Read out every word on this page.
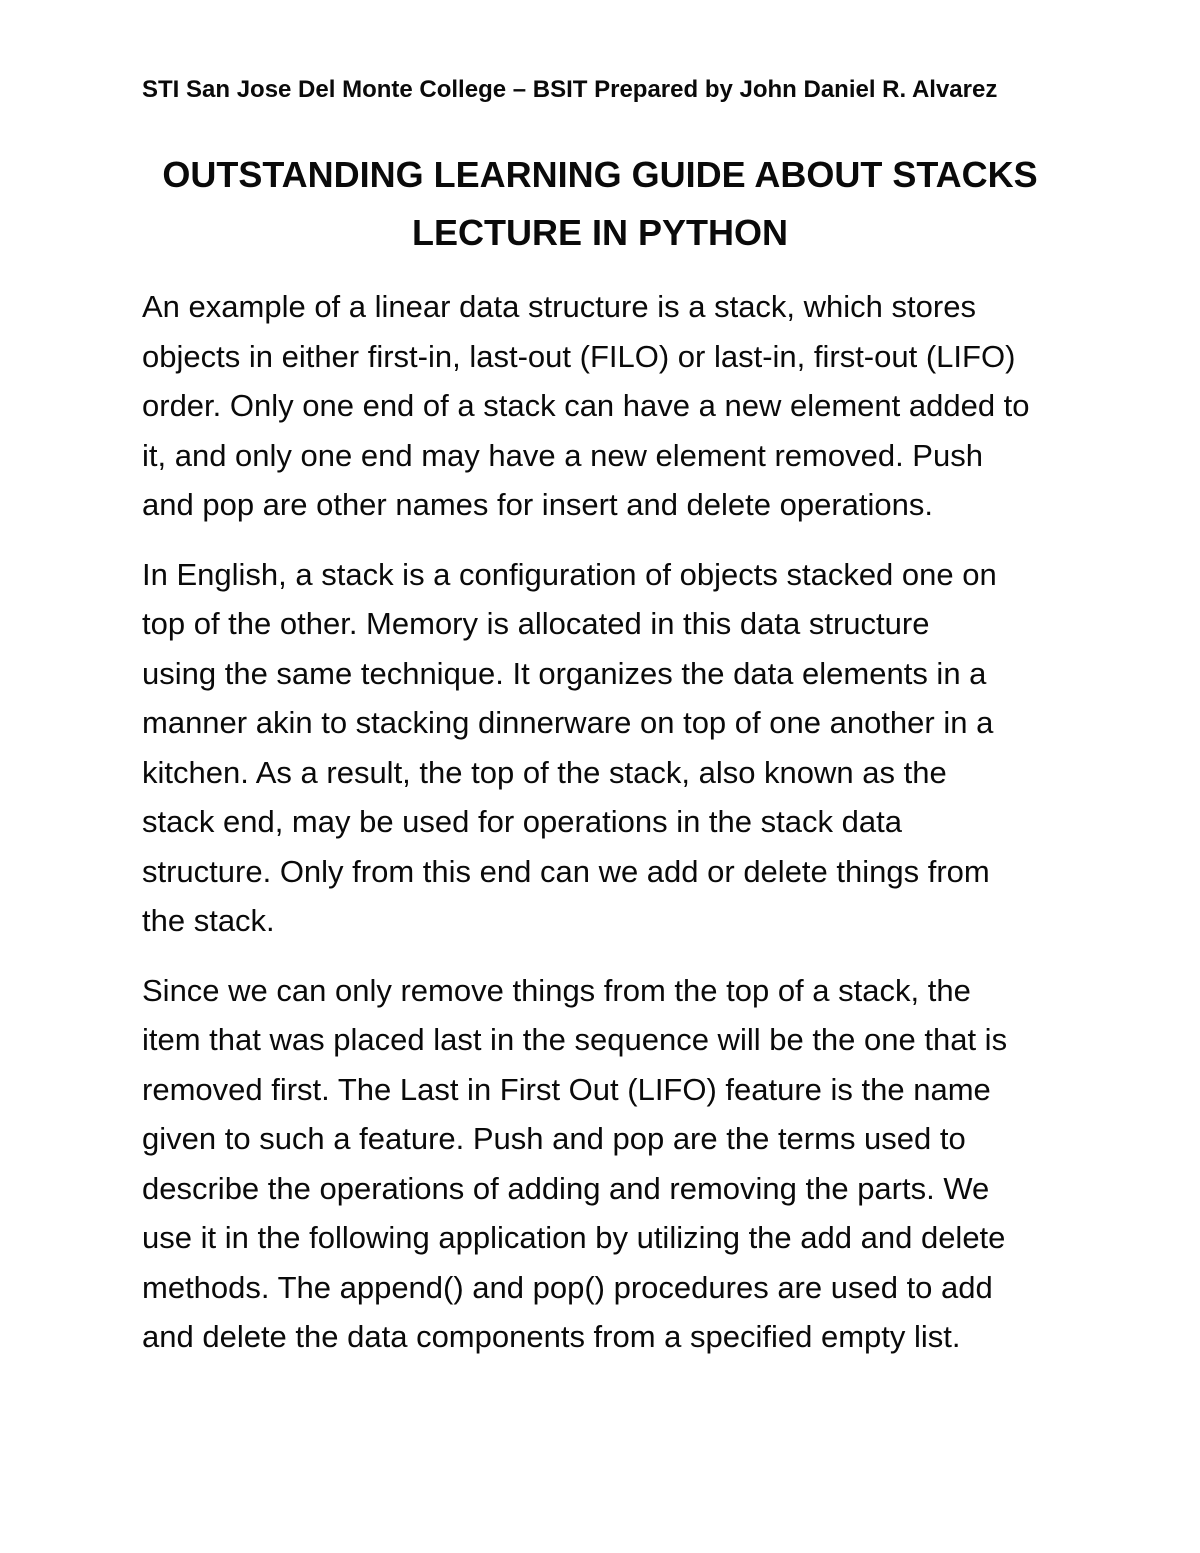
STI San Jose Del Monte College – BSIT Prepared by John Daniel R. Alvarez
OUTSTANDING LEARNING GUIDE ABOUT STACKS
LECTURE IN PYTHON

An example of a linear data structure is a stack, which stores
objects in either first-in, last-out (FILO) or last-in, first-out (LIFO)
order. Only one end of a stack can have a new element added to
it, and only one end may have a new element removed. Push
and pop are other names for insert and delete operations.

In English, a stack is a configuration of objects stacked one on
top of the other. Memory is allocated in this data structure
using the same technique. It organizes the data elements in a
manner akin to stacking dinnerware on top of one another in a
kitchen. As a result, the top of the stack, also known as the
stack end, may be used for operations in the stack data
structure. Only from this end can we add or delete things from
the stack.

Since we can only remove things from the top of a stack, the
item that was placed last in the sequence will be the one that is
removed first. The Last in First Out (LIFO) feature is the name
given to such a feature. Push and pop are the terms used to
describe the operations of adding and removing the parts. We
use it in the following application by utilizing the add and delete
methods. The append() and pop() procedures are used to add
and delete the data components from a specified empty list.
